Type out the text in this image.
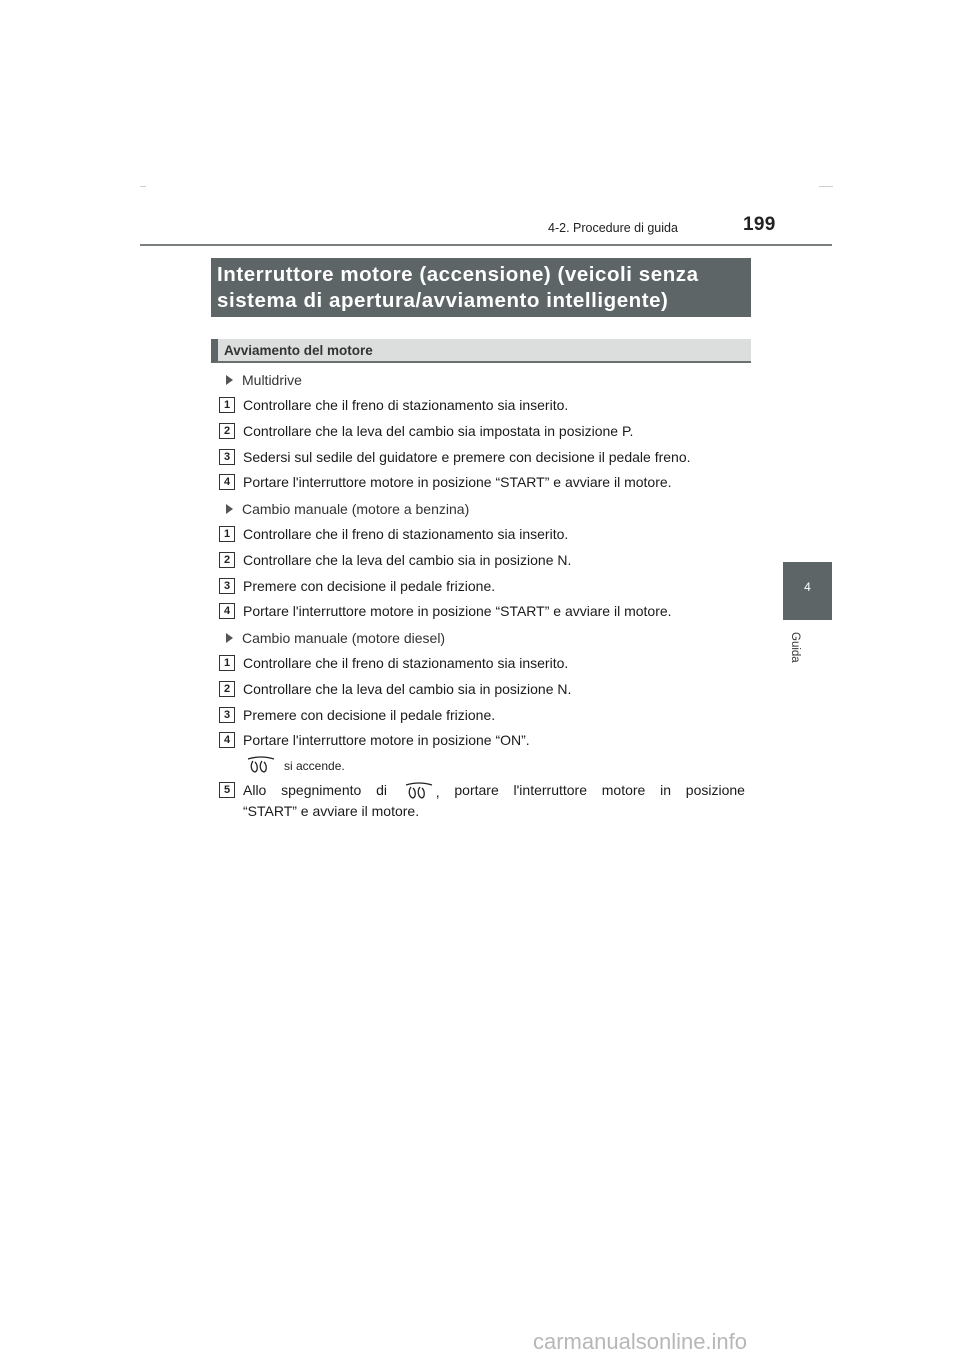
4-2. Procedure di guida	199
4
Guida
Interruttore motore (accensione) (veicoli senza
sistema di apertura/avviamento intelligente)
Avviamento del motore
Multidrive
1 Controllare che il freno di stazionamento sia inserito.
2 Controllare che la leva del cambio sia impostata in posizione P.
3 Sedersi sul sedile del guidatore e premere con decisione il pedale freno.
4 Portare l'interruttore motore in posizione “START” e avviare il motore.
Cambio manuale (motore a benzina)
1 Controllare che il freno di stazionamento sia inserito.
2 Controllare che la leva del cambio sia in posizione N.
3 Premere con decisione il pedale frizione.
4 Portare l'interruttore motore in posizione “START” e avviare il motore.
Cambio manuale (motore diesel)
1 Controllare che il freno di stazionamento sia inserito.
2 Controllare che la leva del cambio sia in posizione N.
3 Premere con decisione il pedale frizione.
4 Portare l'interruttore motore in posizione “ON”.
si accende.
5 Allo spegnimento di	, portare l'interruttore motore in posizione
“START” e avviare il motore.
carmanualsonline.info
